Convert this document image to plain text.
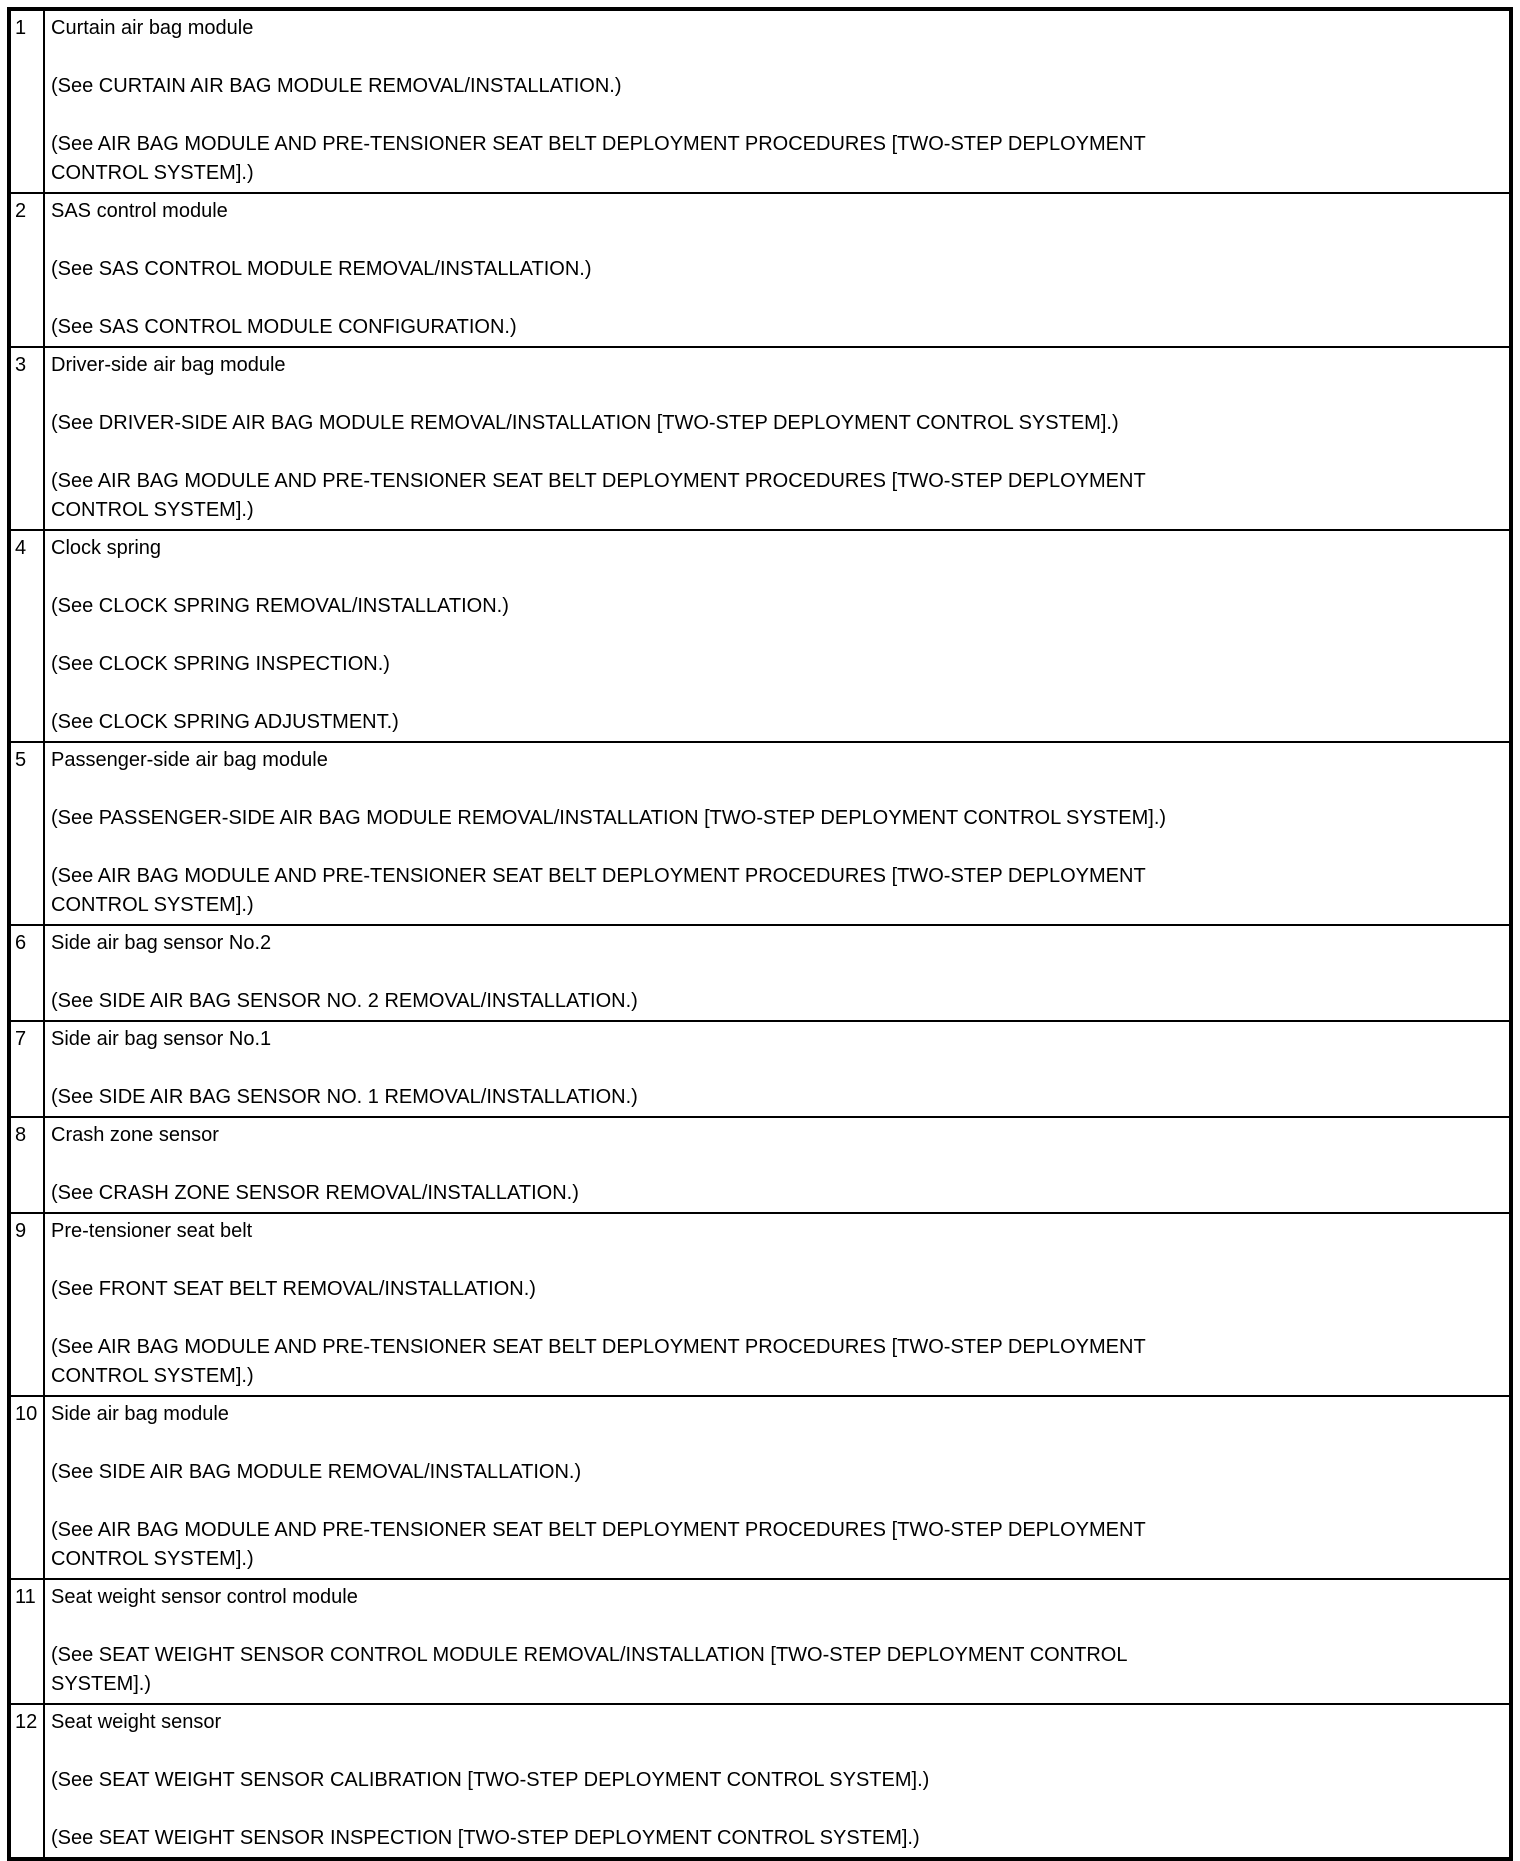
1	Curtain air bag module

(See CURTAIN AIR BAG MODULE REMOVAL/INSTALLATION.)

(See AIR BAG MODULE AND PRE-TENSIONER SEAT BELT DEPLOYMENT PROCEDURES [TWO-STEP DEPLOYMENT
CONTROL SYSTEM].)

2	SAS control module

(See SAS CONTROL MODULE REMOVAL/INSTALLATION.)

(See SAS CONTROL MODULE CONFIGURATION.)

3	Driver-side air bag module

(See DRIVER-SIDE AIR BAG MODULE REMOVAL/INSTALLATION [TWO-STEP DEPLOYMENT CONTROL SYSTEM].)

(See AIR BAG MODULE AND PRE-TENSIONER SEAT BELT DEPLOYMENT PROCEDURES [TWO-STEP DEPLOYMENT
CONTROL SYSTEM].)

4	Clock spring

(See CLOCK SPRING REMOVAL/INSTALLATION.)

(See CLOCK SPRING INSPECTION.)

(See CLOCK SPRING ADJUSTMENT.)

5	Passenger-side air bag module

(See PASSENGER-SIDE AIR BAG MODULE REMOVAL/INSTALLATION [TWO-STEP DEPLOYMENT CONTROL SYSTEM].)

(See AIR BAG MODULE AND PRE-TENSIONER SEAT BELT DEPLOYMENT PROCEDURES [TWO-STEP DEPLOYMENT
CONTROL SYSTEM].)

6	Side air bag sensor No.2

(See SIDE AIR BAG SENSOR NO. 2 REMOVAL/INSTALLATION.)

7	Side air bag sensor No.1

(See SIDE AIR BAG SENSOR NO. 1 REMOVAL/INSTALLATION.)

8	Crash zone sensor

(See CRASH ZONE SENSOR REMOVAL/INSTALLATION.)

9	Pre-tensioner seat belt

(See FRONT SEAT BELT REMOVAL/INSTALLATION.)

(See AIR BAG MODULE AND PRE-TENSIONER SEAT BELT DEPLOYMENT PROCEDURES [TWO-STEP DEPLOYMENT
CONTROL SYSTEM].)

10 Side air bag module

(See SIDE AIR BAG MODULE REMOVAL/INSTALLATION.)

(See AIR BAG MODULE AND PRE-TENSIONER SEAT BELT DEPLOYMENT PROCEDURES [TWO-STEP DEPLOYMENT
CONTROL SYSTEM].)

11 Seat weight sensor control module

(See SEAT WEIGHT SENSOR CONTROL MODULE REMOVAL/INSTALLATION [TWO-STEP DEPLOYMENT CONTROL
SYSTEM].)

12 Seat weight sensor

(See SEAT WEIGHT SENSOR CALIBRATION [TWO-STEP DEPLOYMENT CONTROL SYSTEM].)

(See SEAT WEIGHT SENSOR INSPECTION [TWO-STEP DEPLOYMENT CONTROL SYSTEM].)
